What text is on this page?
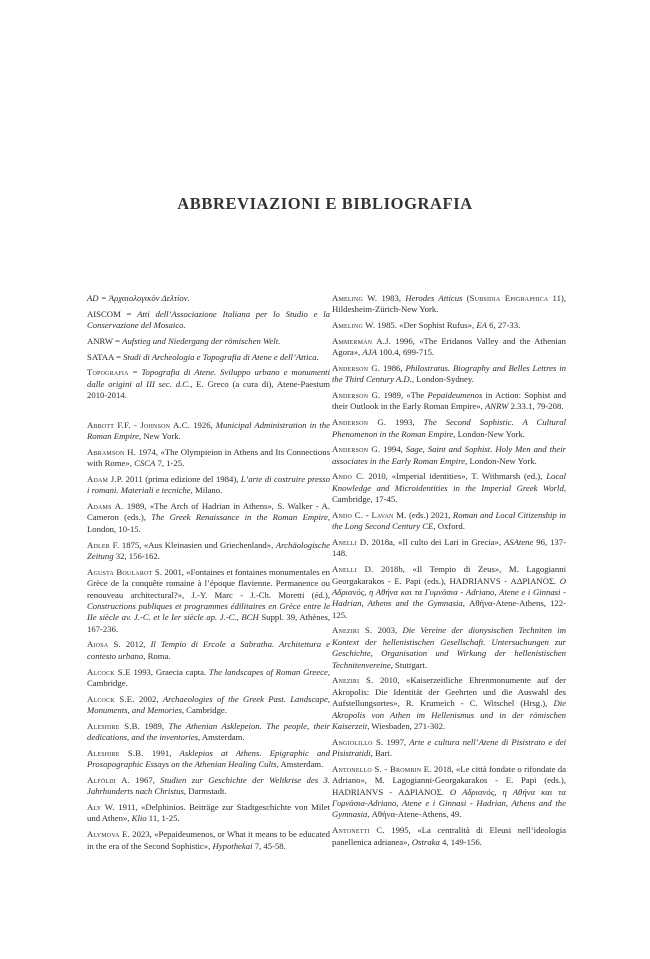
ABBREVIAZIONI E BIBLIOGRAFIA

AD = Ἀρχαιολογικὸν Δελτίον.

AISCOM = Atti dell’Associazione Italiana per lo Studio e la Conservazione del Mosaico.

ANRW = Aufstieg und Niedergang der römischen Welt.

SATAA = Studi di Archeologia e Topografia di Atene e dell’Attica.

Topografia = Topografia di Atene. Sviluppo urbano e monumenti dalle origini al III sec. d.C., E. Greco (a cura di), Atene-Paestum 2010-2014.

Abbott F.F. - Johnson A.C. 1926, Municipal Administration in the Roman Empire, New York.

Abramson H. 1974, «The Olympieion in Athens and Its Connections with Rome», CSCA 7, 1-25.

Adam J.P. 2011 (prima edizione del 1984), L’arte di costruire presso i romani. Materiali e tecniche, Milano.

Adams A. 1989, «The Arch of Hadrian in Athens», S. Walker - A. Cameron (eds.), The Greek Renaissance in the Roman Empire, London, 10-15.

Adler F. 1875, «Aus Kleinasien und Griechenland», Archäologische Zeitung 32, 156-162.

Agusta Boularot S. 2001, «Fontaines et fontaines monumentales en Grèce de la conquête romaine à l’époque flavienne. Permanence ou renouveau architectural?», J.-Y. Marc - J.-Ch. Moretti (éd.), Constructions publiques et programmes édilitaires en Grèce entre le IIe siècle av. J.-C. et le Ier siècle ap. J.-C., BCH Suppl. 39, Athènes, 167-236.

Aiosa S. 2012, Il Tempio di Ercole a Sabratha. Architettura e contesto urbano, Roma.

Alcock S.E 1993, Graecia capta. The landscapes of Roman Greece, Cambridge.

Alcock S.E. 2002, Archaeologies of the Greek Past. Landscape, Monuments, and Memories, Cambridge.

Aleshire S.B. 1989, The Athenian Asklepeion. The people, their dedications, and the inventories, Amsterdam.

Aleshire S.B. 1991, Asklepios at Athens. Epigraphic and Prosopographic Essays on the Athenian Healing Cults, Amsterdam.

Alföldi A. 1967, Studien zur Geschichte der Weltkrise des 3. Jahrhunderts nach Christus, Darmstadt.

Aly W. 1911, «Delphinios. Beiträge zur Stadtgeschichte von Milet und Athen», Klio 11, 1-25.

Alymova E. 2023, «Pepaideumenos, or What it means to be educated in the era of the Second Sophistic», Hypothekai 7, 45-58.

Ameling W. 1983, Herodes Atticus (Subsidia Epigraphica 11), Hildesheim-Zürich-New York.

Ameling W. 1985. «Der Sophist Rufus», EA 6, 27-33.

Ammerman A.J. 1996, «The Eridanos Valley and the Athenian Agora», AJA 100.4, 699-715.

Anderson G. 1986, Philostratus. Biography and Belles Lettres in the Third Century A.D., London-Sydney.

Anderson G. 1989, «The Pepaideumenos in Action: Sophist and their Outlook in the Early Roman Empire», ANRW 2.33.1, 79-208.

Anderson G. 1993, The Second Sophistic. A Cultural Phenomenon in the Roman Empire, London-New York.

Anderson G. 1994, Sage, Saint and Sophist. Holy Men and their associates in the Early Roman Empire, London-New York.

Ando C. 2010, «Imperial identities», T. Withmarsh (ed.), Local Knowledge and Microidentities in the Imperial Greek World, Cambridge, 17-45.

Ando C. - Lavan M. (eds.) 2021, Roman and Local Citizenship in the Long Second Century CE, Oxford.

Anelli D. 2018a, «Il culto dei Lari in Grecia», ASAtene 96, 137-148.

Anelli D. 2018b, «Il Tempio di Zeus», M. Lagogianni Georgakarakos - E. Papi (eds.), HADRIANVS - ΑΔΡΙΑΝΟΣ. Ο Αδριανός, η Αθήνα και τα Γυμνάσια - Adriano, Atene e i Ginnasi - Hadrian, Athens and the Gymnasia, Αθήνα-Atene-Athens, 122-125.

Aneziri S. 2003, Die Vereine der dionysischen Techniten im Kontext der hellenistischen Gesellschaft. Untersuchungen zur Geschichte, Organisation und Wirkung der hellenistischen Technitenvereine, Stuttgart.

Aneziri S. 2010, «Kaiserzeitliche Ehrenmonumente auf der Akropolis: Die Identität der Geehrten und die Auswahl des Aufstellungsortes», R. Krumeich - C. Witschel (Hrsg.), Die Akropolis von Athen im Hellenismus und in der römischen Kaiserzeit, Wiesbaden, 271-302.

Angiolillo S. 1997, Arte e cultura nell’Atene di Pisistrato e dei Pisistratidi, Bari.

Antonello S. - Brombin E. 2018, «Le città fondate o rifondate da Adriano», M. Lagogianni-Georgakarakos - E. Papi (eds.), HADRIANVS - ΑΔΡΙΑΝΟΣ. Ο Αδριανός, η Αθήνα και τα Γυμνάσια-Adriano, Atene e i Ginnasi - Hadrian, Athens and the Gymnasia, Αθήνα-Atene-Athens, 49.

Antonetti C. 1995, «La centralità di Eleusi nell’ideologia panellenica adrianea», Ostraka 4, 149-156.
